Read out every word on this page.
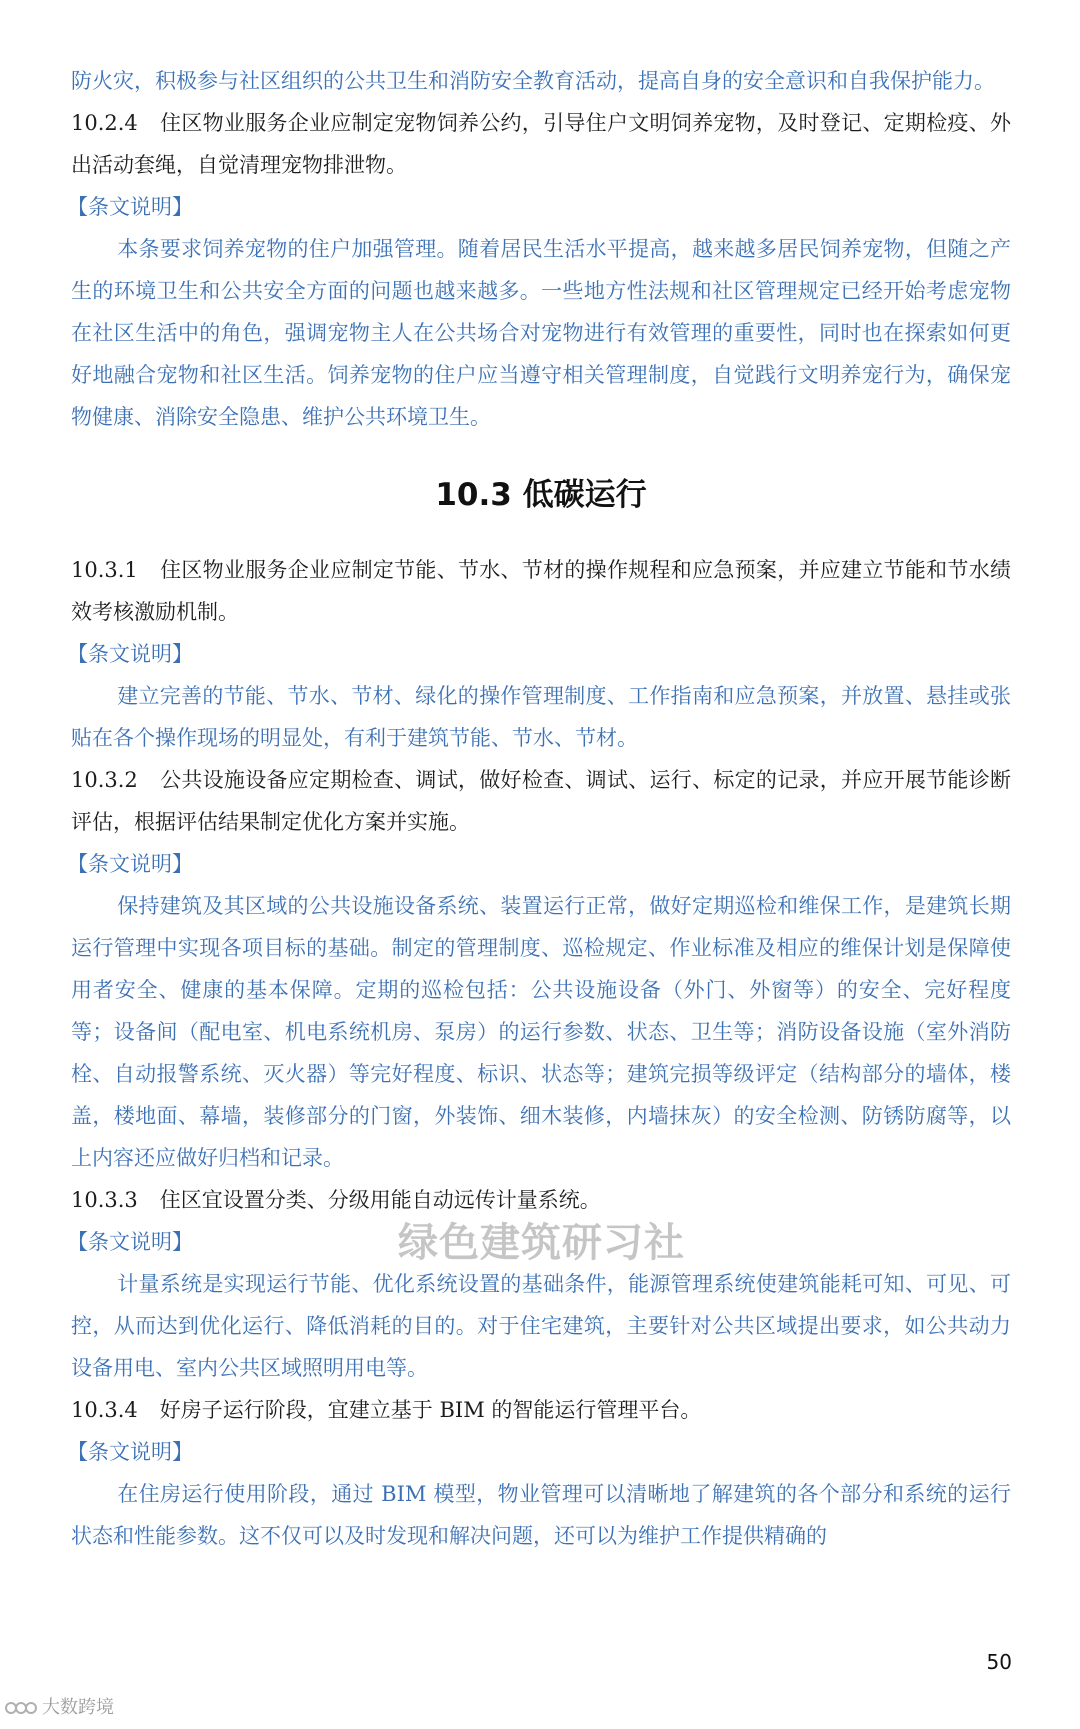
防火灾，积极参与社区组织的公共卫生和消防安全教育活动，提高自身的安全意识和自我保护能力。

10.2.4 住区物业服务企业应制定宠物饲养公约，引导住户文明饲养宠物，及时登记、定期检疫、外出活动套绳，自觉清理宠物排泄物。

【条文说明】

本条要求饲养宠物的住户加强管理。随着居民生活水平提高，越来越多居民饲养宠物，但随之产生的环境卫生和公共安全方面的问题也越来越多。一些地方性法规和社区管理规定已经开始考虑宠物在社区生活中的角色，强调宠物主人在公共场合对宠物进行有效管理的重要性，同时也在探索如何更好地融合宠物和社区生活。饲养宠物的住户应当遵守相关管理制度，自觉践行文明养宠行为，确保宠物健康、消除安全隐患、维护公共环境卫生。

10.3 低碳运行

10.3.1 住区物业服务企业应制定节能、节水、节材的操作规程和应急预案，并应建立节能和节水绩效考核激励机制。

【条文说明】

建立完善的节能、节水、节材、绿化的操作管理制度、工作指南和应急预案，并放置、悬挂或张贴在各个操作现场的明显处，有利于建筑节能、节水、节材。

10.3.2 公共设施设备应定期检查、调试，做好检查、调试、运行、标定的记录，并应开展节能诊断评估，根据评估结果制定优化方案并实施。

【条文说明】

保持建筑及其区域的公共设施设备系统、装置运行正常，做好定期巡检和维保工作，是建筑长期运行管理中实现各项目标的基础。制定的管理制度、巡检规定、作业标准及相应的维保计划是保障使用者安全、健康的基本保障。定期的巡检包括：公共设施设备（外门、外窗等）的安全、完好程度等；设备间（配电室、机电系统机房、泵房）的运行参数、状态、卫生等；消防设备设施（室外消防栓、自动报警系统、灭火器）等完好程度、标识、状态等；建筑完损等级评定（结构部分的墙体，楼盖，楼地面、幕墙，装修部分的门窗，外装饰、细木装修，内墙抹灰）的安全检测、防锈防腐等，以上内容还应做好归档和记录。

10.3.3 住区宜设置分类、分级用能自动远传计量系统。

【条文说明】

计量系统是实现运行节能、优化系统设置的基础条件，能源管理系统使建筑能耗可知、可见、可控，从而达到优化运行、降低消耗的目的。对于住宅建筑，主要针对公共区域提出要求，如公共动力设备用电、室内公共区域照明用电等。

10.3.4 好房子运行阶段，宜建立基于 BIM 的智能运行管理平台。

【条文说明】

在住房运行使用阶段，通过 BIM 模型，物业管理可以清晰地了解建筑的各个部分和系统的运行状态和性能参数。这不仅可以及时发现和解决问题，还可以为维护工作提供精确的

绿色建筑研习社
50
大数跨境
